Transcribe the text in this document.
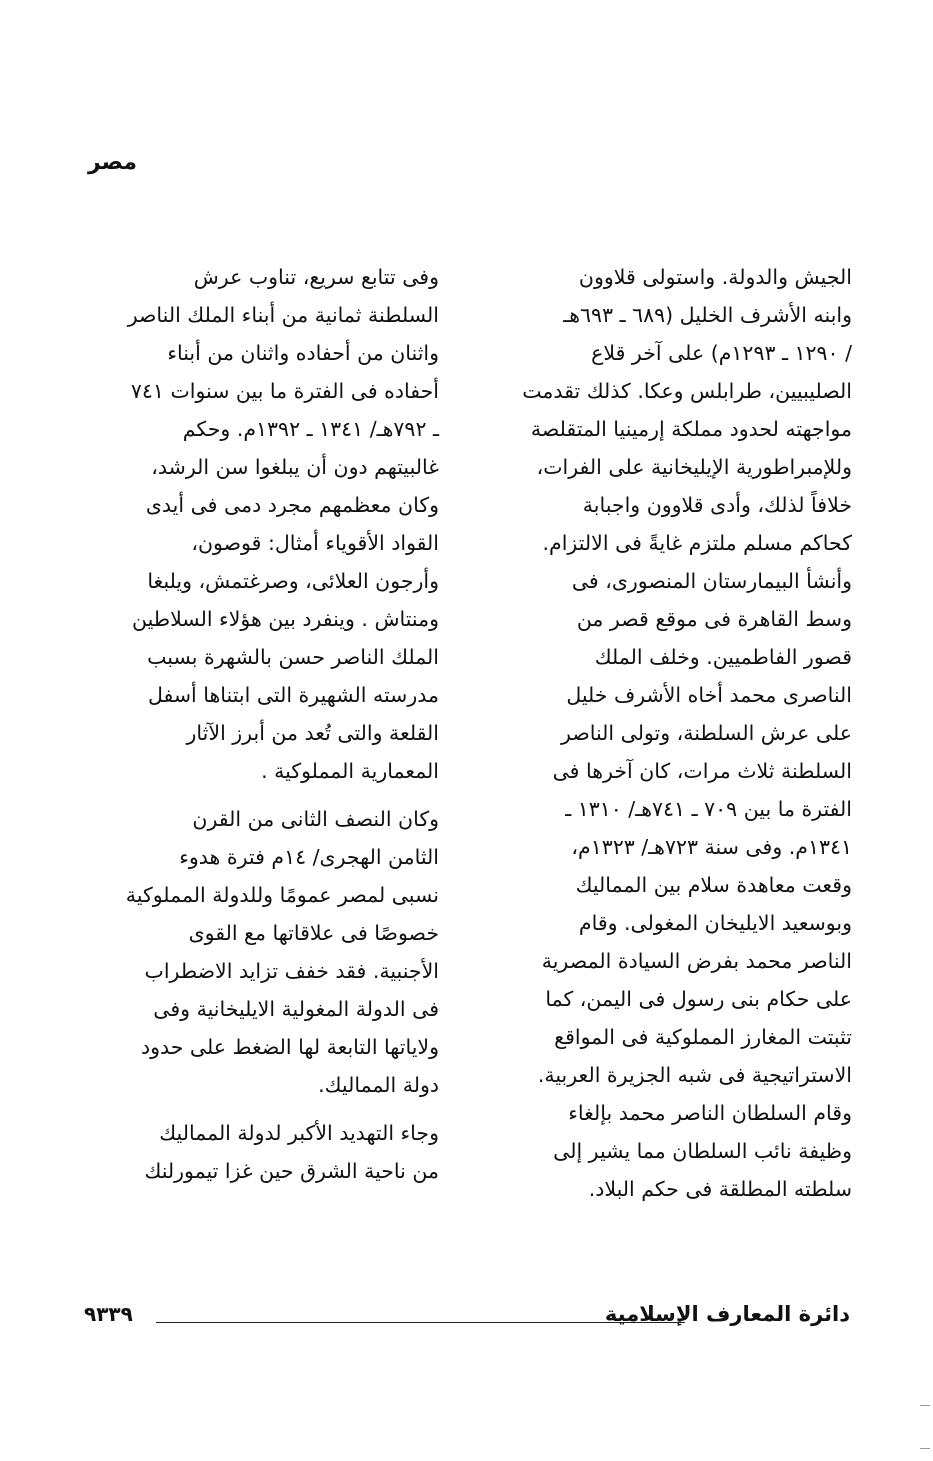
مصر

الجيش والدولة. واستولى قلاوون
وابنه الأشرف الخليل (٦٨٩ ـ ٦٩٣هـ
/ ١٢٩٠ ـ ١٢٩٣م) على آخر قلاع
الصليبيين، طرابلس وعكا. كذلك تقدمت
مواجهته لحدود مملكة إرمينيا المتقلصة
وللإمبراطورية الإيليخانية على الفرات،
خلافاً لذلك، وأدى قلاوون واجبابة
كحاكم مسلم ملتزم غايةً فى الالتزام.
وأنشأ البيمارستان المنصورى، فى
وسط القاهرة فى موقع قصر من
قصور الفاطميين. وخلف الملك
الناصرى محمد أخاه الأشرف خليل
على عرش السلطنة، وتولى الناصر
السلطنة ثلاث مرات، كان آخرها فى
الفترة ما بين ٧٠٩ ـ ٧٤١هـ/ ١٣١٠ ـ
١٣٤١م. وفى سنة ٧٢٣هـ/ ١٣٢٣م،
وقعت معاهدة سلام بين المماليك
وبوسعيد الايليخان المغولى. وقام
الناصر محمد بفرض السيادة المصرية
على حكام بنى رسول فى اليمن، كما
تثبتت المغارز المملوكية فى المواقع
الاستراتيجية فى شبه الجزيرة العربية.
وقام السلطان الناصر محمد بإلغاء
وظيفة نائب السلطان مما يشير إلى
سلطته المطلقة فى حكم البلاد.

وفى تتابع سريع، تناوب عرش
السلطنة ثمانية من أبناء الملك الناصر
واثنان من أحفاده واثنان من أبناء
أحفاده فى الفترة ما بين سنوات ٧٤١
ـ ٧٩٢هـ/ ١٣٤١ ـ ١٣٩٢م. وحكم
غالبيتهم دون أن يبلغوا سن الرشد،
وكان معظمهم مجرد دمى فى أيدى
القواد الأقوياء أمثال: قوصون،
وأرجون العلائى، وصرغتمش، ويلبغا
ومنتاش . وينفرد بين هؤلاء السلاطين
الملك الناصر حسن بالشهرة بسبب
مدرسته الشهيرة التى ابتناها أسفل
القلعة والتى تُعد من أبرز الآثار
المعمارية المملوكية .

وكان النصف الثانى من القرن
الثامن الهجرى/ ١٤م فترة هدوء
نسبى لمصر عمومًا وللدولة المملوكية
خصوصًا فى علاقاتها مع القوى
الأجنبية. فقد خفف تزايد الاضطراب
فى الدولة المغولية الايليخانية وفى
ولاياتها التابعة لها الضغط على حدود
دولة المماليك.

وجاء التهديد الأكبر لدولة المماليك
من ناحية الشرق حين غزا تيمورلنك

دائرة المعارف الإسلامية
٩٣٣٩
